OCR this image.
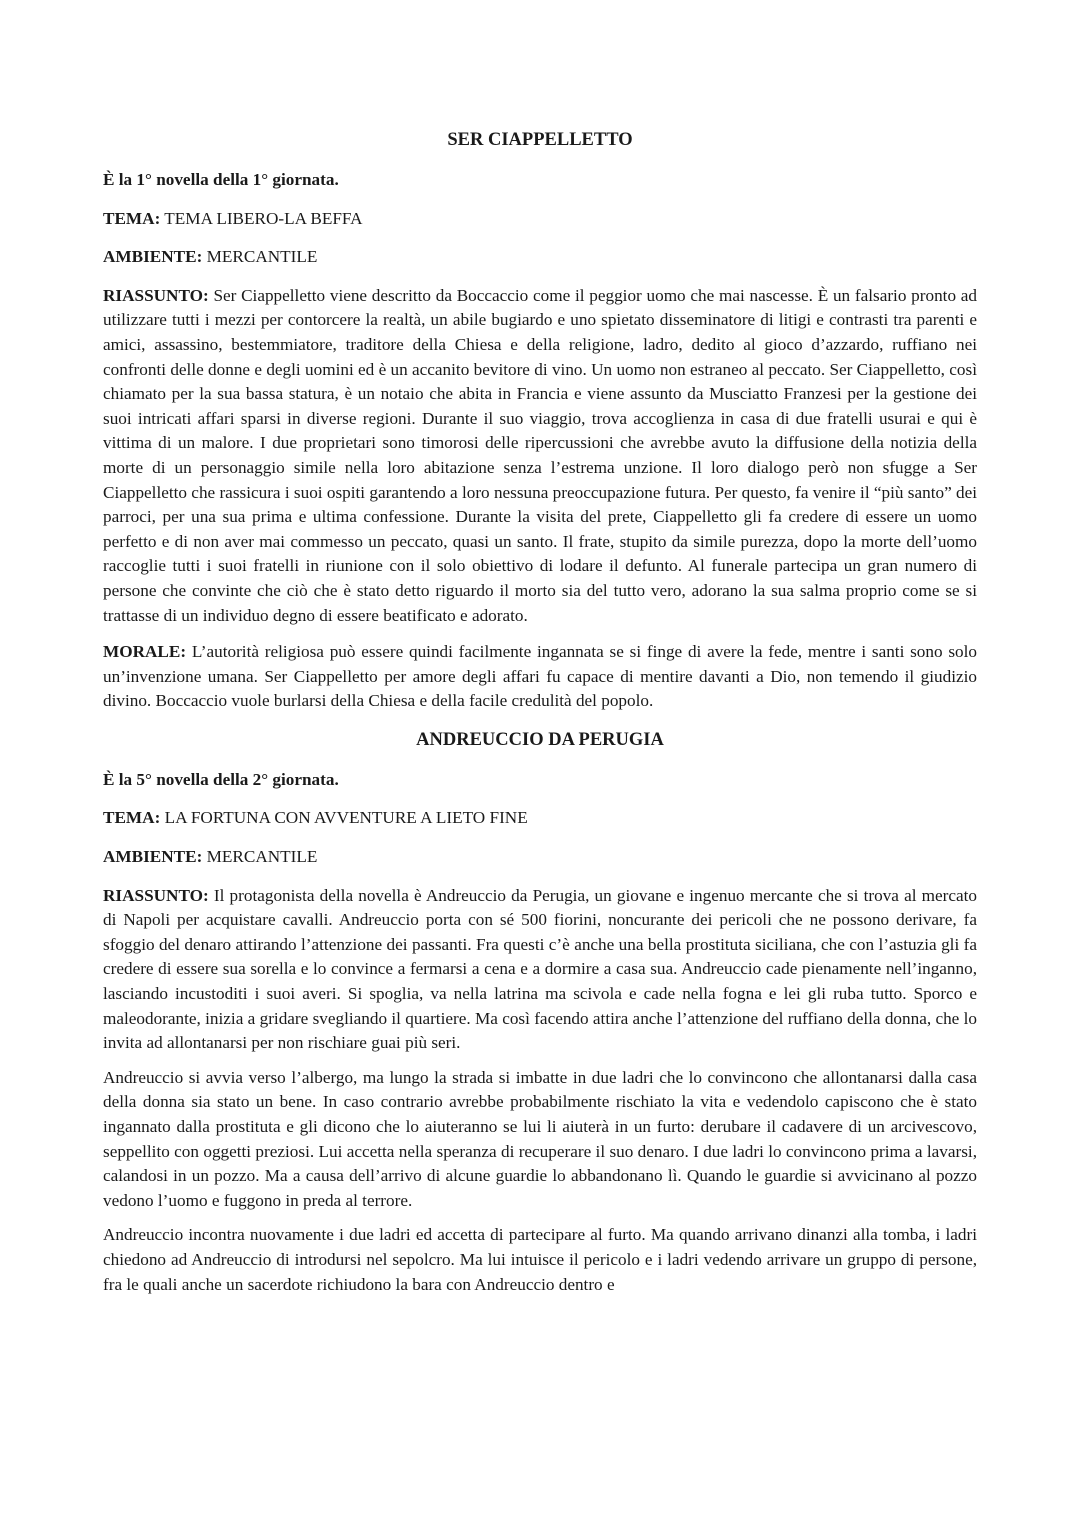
SER CIAPPELLETTO
È la 1° novella della 1° giornata.
TEMA: TEMA LIBERO-LA BEFFA
AMBIENTE: MERCANTILE
RIASSUNTO: Ser Ciappelletto viene descritto da Boccaccio come il peggior uomo che mai nascesse. È un falsario pronto ad utilizzare tutti i mezzi per contorcere la realtà, un abile bugiardo e uno spietato disseminatore di litigi e contrasti tra parenti e amici, assassino, bestemmiatore, traditore della Chiesa e della religione, ladro, dedito al gioco d’azzardo, ruffiano nei confronti delle donne e degli uomini ed è un accanito bevitore di vino. Un uomo non estraneo al peccato. Ser Ciappelletto, così chiamato per la sua bassa statura, è un notaio che abita in Francia e viene assunto da Musciatto Franzesi per la gestione dei suoi intricati affari sparsi in diverse regioni. Durante il suo viaggio, trova accoglienza in casa di due fratelli usurai e qui è vittima di un malore. I due proprietari sono timorosi delle ripercussioni che avrebbe avuto la diffusione della notizia della morte di un personaggio simile nella loro abitazione senza l’estrema unzione. Il loro dialogo però non sfugge a Ser Ciappelletto che rassicura i suoi ospiti garantendo a loro nessuna preoccupazione futura. Per questo, fa venire il “più santo” dei parroci, per una sua prima e ultima confessione. Durante la visita del prete, Ciappelletto gli fa credere di essere un uomo perfetto e di non aver mai commesso un peccato, quasi un santo. Il frate, stupito da simile purezza, dopo la morte dell’uomo raccoglie tutti i suoi fratelli in riunione con il solo obiettivo di lodare il defunto. Al funerale partecipa un gran numero di persone che convinte che ciò che è stato detto riguardo il morto sia del tutto vero, adorano la sua salma proprio come se si trattasse di un individuo degno di essere beatificato e adorato.
MORALE: L’autorità religiosa può essere quindi facilmente ingannata se si finge di avere la fede, mentre i santi sono solo un’invenzione umana. Ser Ciappelletto per amore degli affari fu capace di mentire davanti a Dio, non temendo il giudizio divino. Boccaccio vuole burlarsi della Chiesa e della facile credulità del popolo.
ANDREUCCIO DA PERUGIA
È la 5° novella della 2° giornata.
TEMA: LA FORTUNA CON AVVENTURE A LIETO FINE
AMBIENTE: MERCANTILE
RIASSUNTO: Il protagonista della novella è Andreuccio da Perugia, un giovane e ingenuo mercante che si trova al mercato di Napoli per acquistare cavalli. Andreuccio porta con sé 500 fiorini, noncurante dei pericoli che ne possono derivare, fa sfoggio del denaro attirando l’attenzione dei passanti. Fra questi c’è anche una bella prostituta siciliana, che con l’astuzia gli fa credere di essere sua sorella e lo convince a fermarsi a cena e a dormire a casa sua. Andreuccio cade pienamente nell’inganno, lasciando incustoditi i suoi averi. Si spoglia, va nella latrina ma scivola e cade nella fogna e lei gli ruba tutto. Sporco e maleodorante, inizia a gridare svegliando il quartiere. Ma così facendo attira anche l’attenzione del ruffiano della donna, che lo invita ad allontanarsi per non rischiare guai più seri.
Andreuccio si avvia verso l’albergo, ma lungo la strada si imbatte in due ladri che lo convincono che allontanarsi dalla casa della donna sia stato un bene. In caso contrario avrebbe probabilmente rischiato la vita e vedendolo capiscono che è stato ingannato dalla prostituta e gli dicono che lo aiuteranno se lui li aiuterà in un furto: derubare il cadavere di un arcivescovo, seppellito con oggetti preziosi. Lui accetta nella speranza di recuperare il suo denaro. I due ladri lo convincono prima a lavarsi, calandosi in un pozzo. Ma a causa dell’arrivo di alcune guardie lo abbandonano lì. Quando le guardie si avvicinano al pozzo vedono l’uomo e fuggono in preda al terrore.
Andreuccio incontra nuovamente i due ladri ed accetta di partecipare al furto. Ma quando arrivano dinanzi alla tomba, i ladri chiedono ad Andreuccio di introdursi nel sepolcro. Ma lui intuisce il pericolo e i ladri vedendo arrivare un gruppo di persone, fra le quali anche un sacerdote richiudono la bara con Andreuccio dentro e
